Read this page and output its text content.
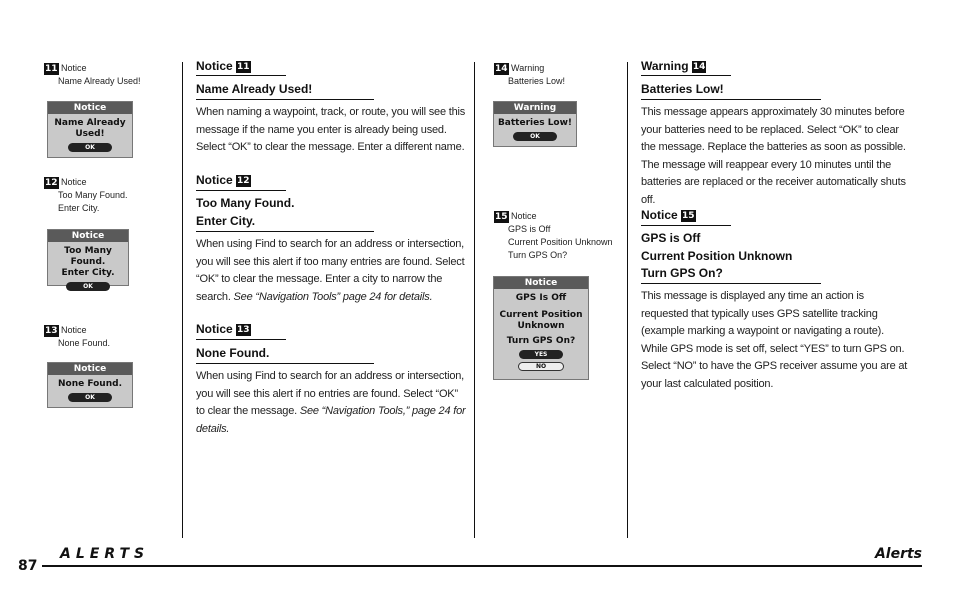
11 Notice
Name Already Used!
Notice
Name Already
Used!
OK
12 Notice
Too Many Found.
Enter City.
Notice
Too Many Found.
Enter City.
OK
13 Notice
None Found.
Notice
None Found.
OK
Notice 11
Name Already Used!
When naming a waypoint, track, or route, you will see this message if the name you enter is already being used. Select “OK” to clear the message. Enter a different name.
Notice 12
Too Many Found.
Enter City.
When using Find to search for an address or intersection, you will see this alert if too many entries are found. Select “OK” to clear the message. Enter a city to narrow the search. See “Navigation Tools” page 24 for details.
Notice 13
None Found.
When using Find to search for an address or intersection, you will see this alert if no entries are found. Select “OK” to clear the message. See “Navigation Tools,” page 24 for details.
14 Warning
Batteries Low!
Warning
Batteries Low!
OK
15 Notice
GPS is Off
Current Position Unknown
Turn GPS On?
Notice
GPS Is Off
Current Position
Unknown
Turn GPS On?
YES
NO
Warning 14
Batteries Low!
This message appears approximately 30 minutes before your batteries need to be replaced. Select “OK” to clear the message. Replace the batteries as soon as possible. The message will reappear every 10 minutes until the batteries are replaced or the receiver automatically shuts off.
Notice 15
GPS is Off
Current Position Unknown
Turn GPS On?
This message is displayed any time an action is requested that typically uses GPS satellite tracking (example marking a waypoint or navigating a route). While GPS mode is set off, select “YES” to turn GPS on. Select “NO” to have the GPS receiver assume you are at your last calculated position.
ALERTS	Alerts
87
